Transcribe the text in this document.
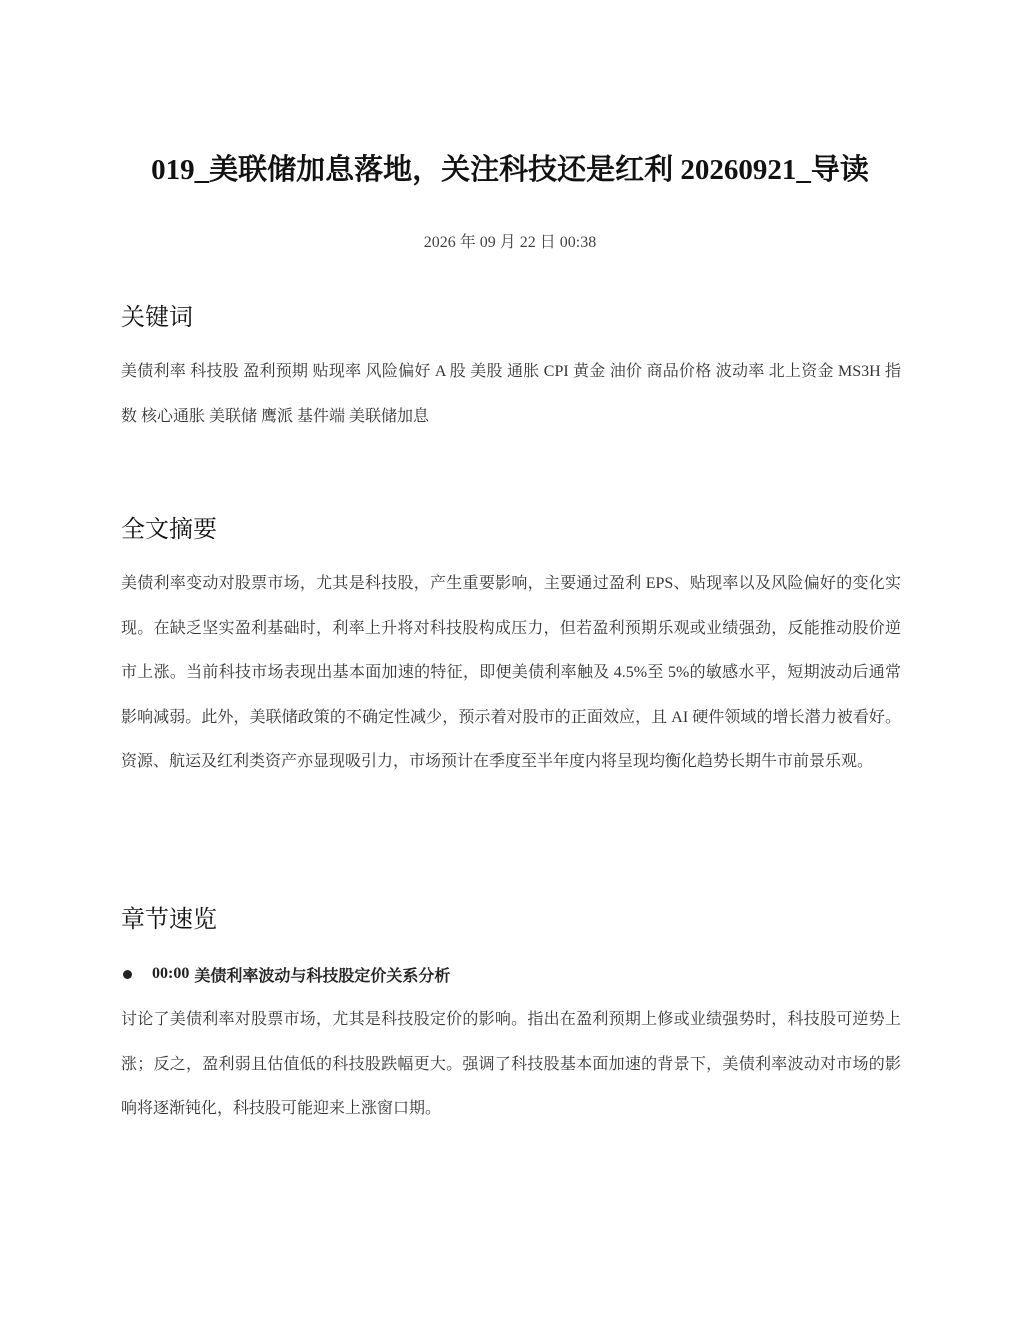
019_美联储加息落地，关注科技还是红利 20260921_导读
2026 年 09 月 22 日 00:38
关键词

美债利率 科技股 盈利预期 贴现率 风险偏好 A 股 美股 通胀 CPI 黄金 油价 商品价格 波动率 北上资金 MS3H 指数 核心通胀 美联储 鹰派 基件端 美联储加息

全文摘要

美债利率变动对股票市场，尤其是科技股，产生重要影响，主要通过盈利 EPS、贴现率以及风险偏好的变化实现。在缺乏坚实盈利基础时，利率上升将对科技股构成压力，但若盈利预期乐观或业绩强劲，反能推动股价逆市上涨。当前科技市场表现出基本面加速的特征，即便美债利率触及 4.5%至 5%的敏感水平，短期波动后通常影响减弱。此外，美联储政策的不确定性减少，预示着对股市的正面效应，且 AI 硬件领域的增长潜力被看好。资源、航运及红利类资产亦显现吸引力，市场预计在季度至半年度内将呈现均衡化趋势长期牛市前景乐观。

章节速览
00:00 美债利率波动与科技股定价关系分析

讨论了美债利率对股票市场，尤其是科技股定价的影响。指出在盈利预期上修或业绩强势时，科技股可逆势上涨；反之，盈利弱且估值低的科技股跌幅更大。强调了科技股基本面加速的背景下，美债利率波动对市场的影响将逐渐钝化，科技股可能迎来上涨窗口期。
